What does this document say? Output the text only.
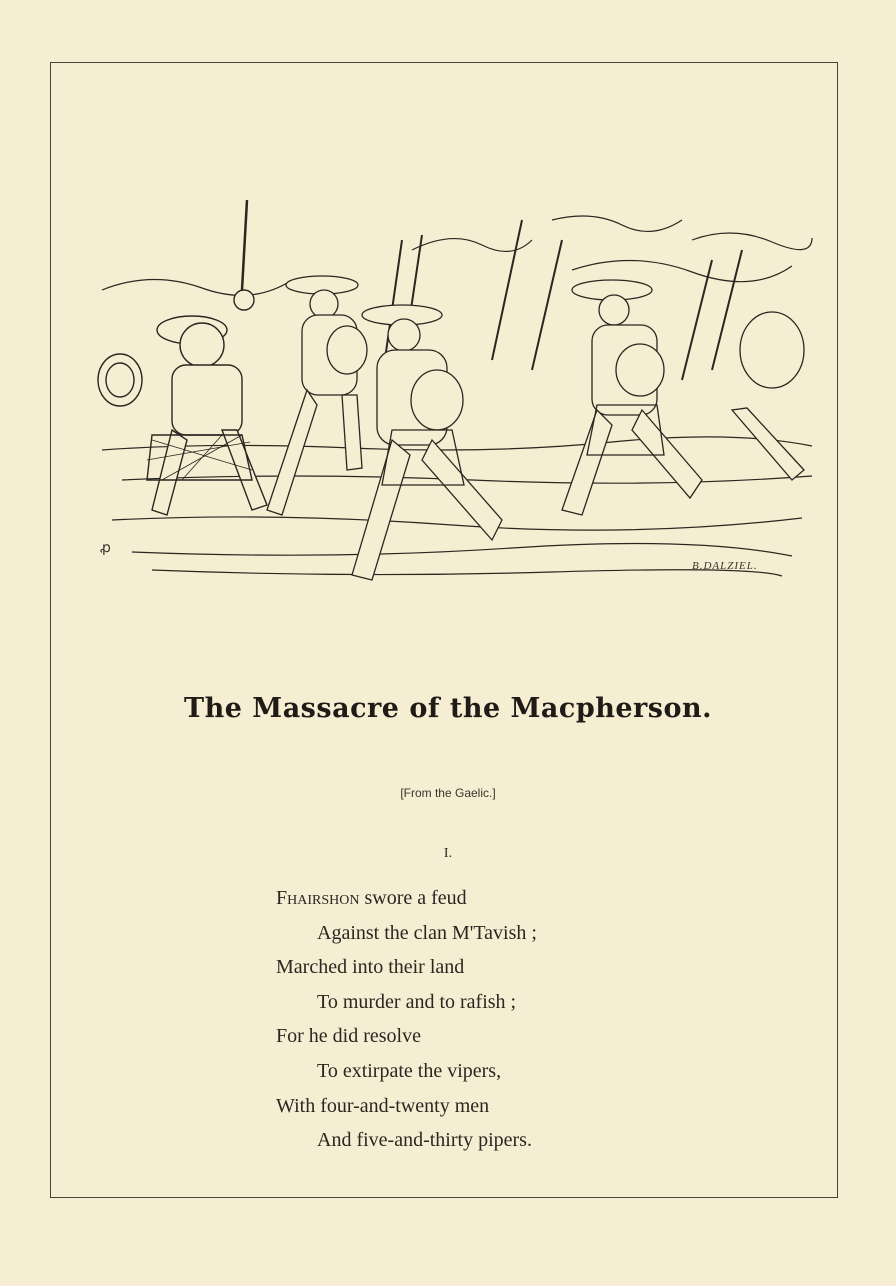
B.DALZIEL.
ꝓ
The Massacre of the Macpherson.
[From the Gaelic.]
I.
Fhairshon swore a feud
Against the clan M'Tavish ;
Marched into their land
To murder and to rafish ;
For he did resolve
To extirpate the vipers,
With four-and-twenty men
And five-and-thirty pipers.
